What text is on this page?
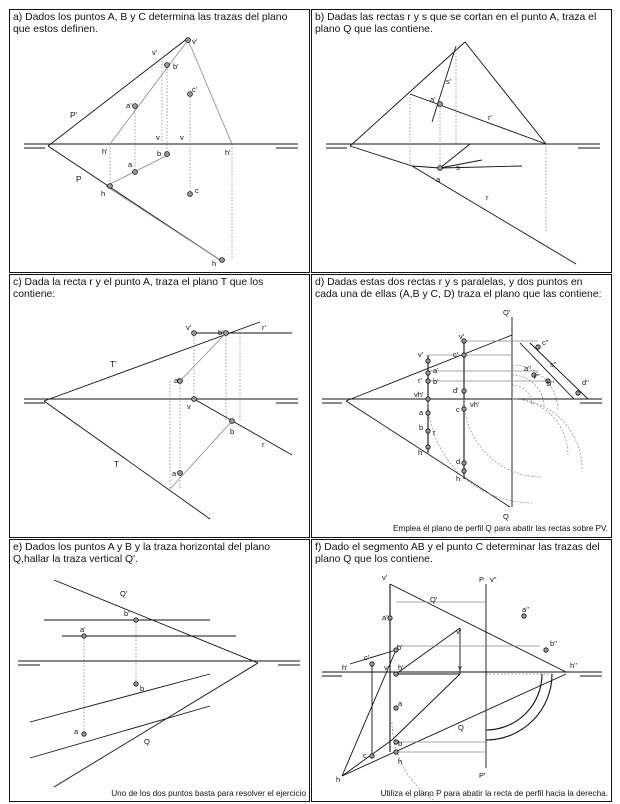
a) Dados los puntos A, B y C determina las trazas del plano que estos definen.

v'
v'
b'
a'
c'
P'
h'
v	v
h'
b
a
c
P
h
h

b) Dadas las rectas r y s que se cortan en el punto A, traza el plano Q que las contiene.

s'
a'
r'
s
a
r

c) Dada la recta r y el punto A, traza el plano T que los contiene:

v'
b'
r'
T'
a'
v
b
r
T
a

d) Dadas estas dos rectas r y s paralelas, y dos puntos en cada una de ellas (A,B y C, D) traza el plano que las contiene:

Q'
v'
v'
c'
c''
s''
a'	a''
r''
r' b'	b''	d''
vh'	d'
vh'
c
a
b
r
d
h'
h
Q
Emplea el plano de perfil Q para abatir las rectas sobre PV.

e) Dados los puntos A y B y la traza horizontal del plano Q,hallar la traza vertical Q'.

Q'
b'
a'
b
a
Q
Uno de los dos puntos basta para resolver el ejercicio

f) Dado el segmento AB y el punto C determinar las trazas del plano Q que los contiene.

v'	P v''
Q'
a'
a''
v'
b'
c'
b''
h''
h'	v h'	v
a
Q
c
b
h
h	P'
Utiliza el plano P para abatir la recta de perfil hacia la derecha.
